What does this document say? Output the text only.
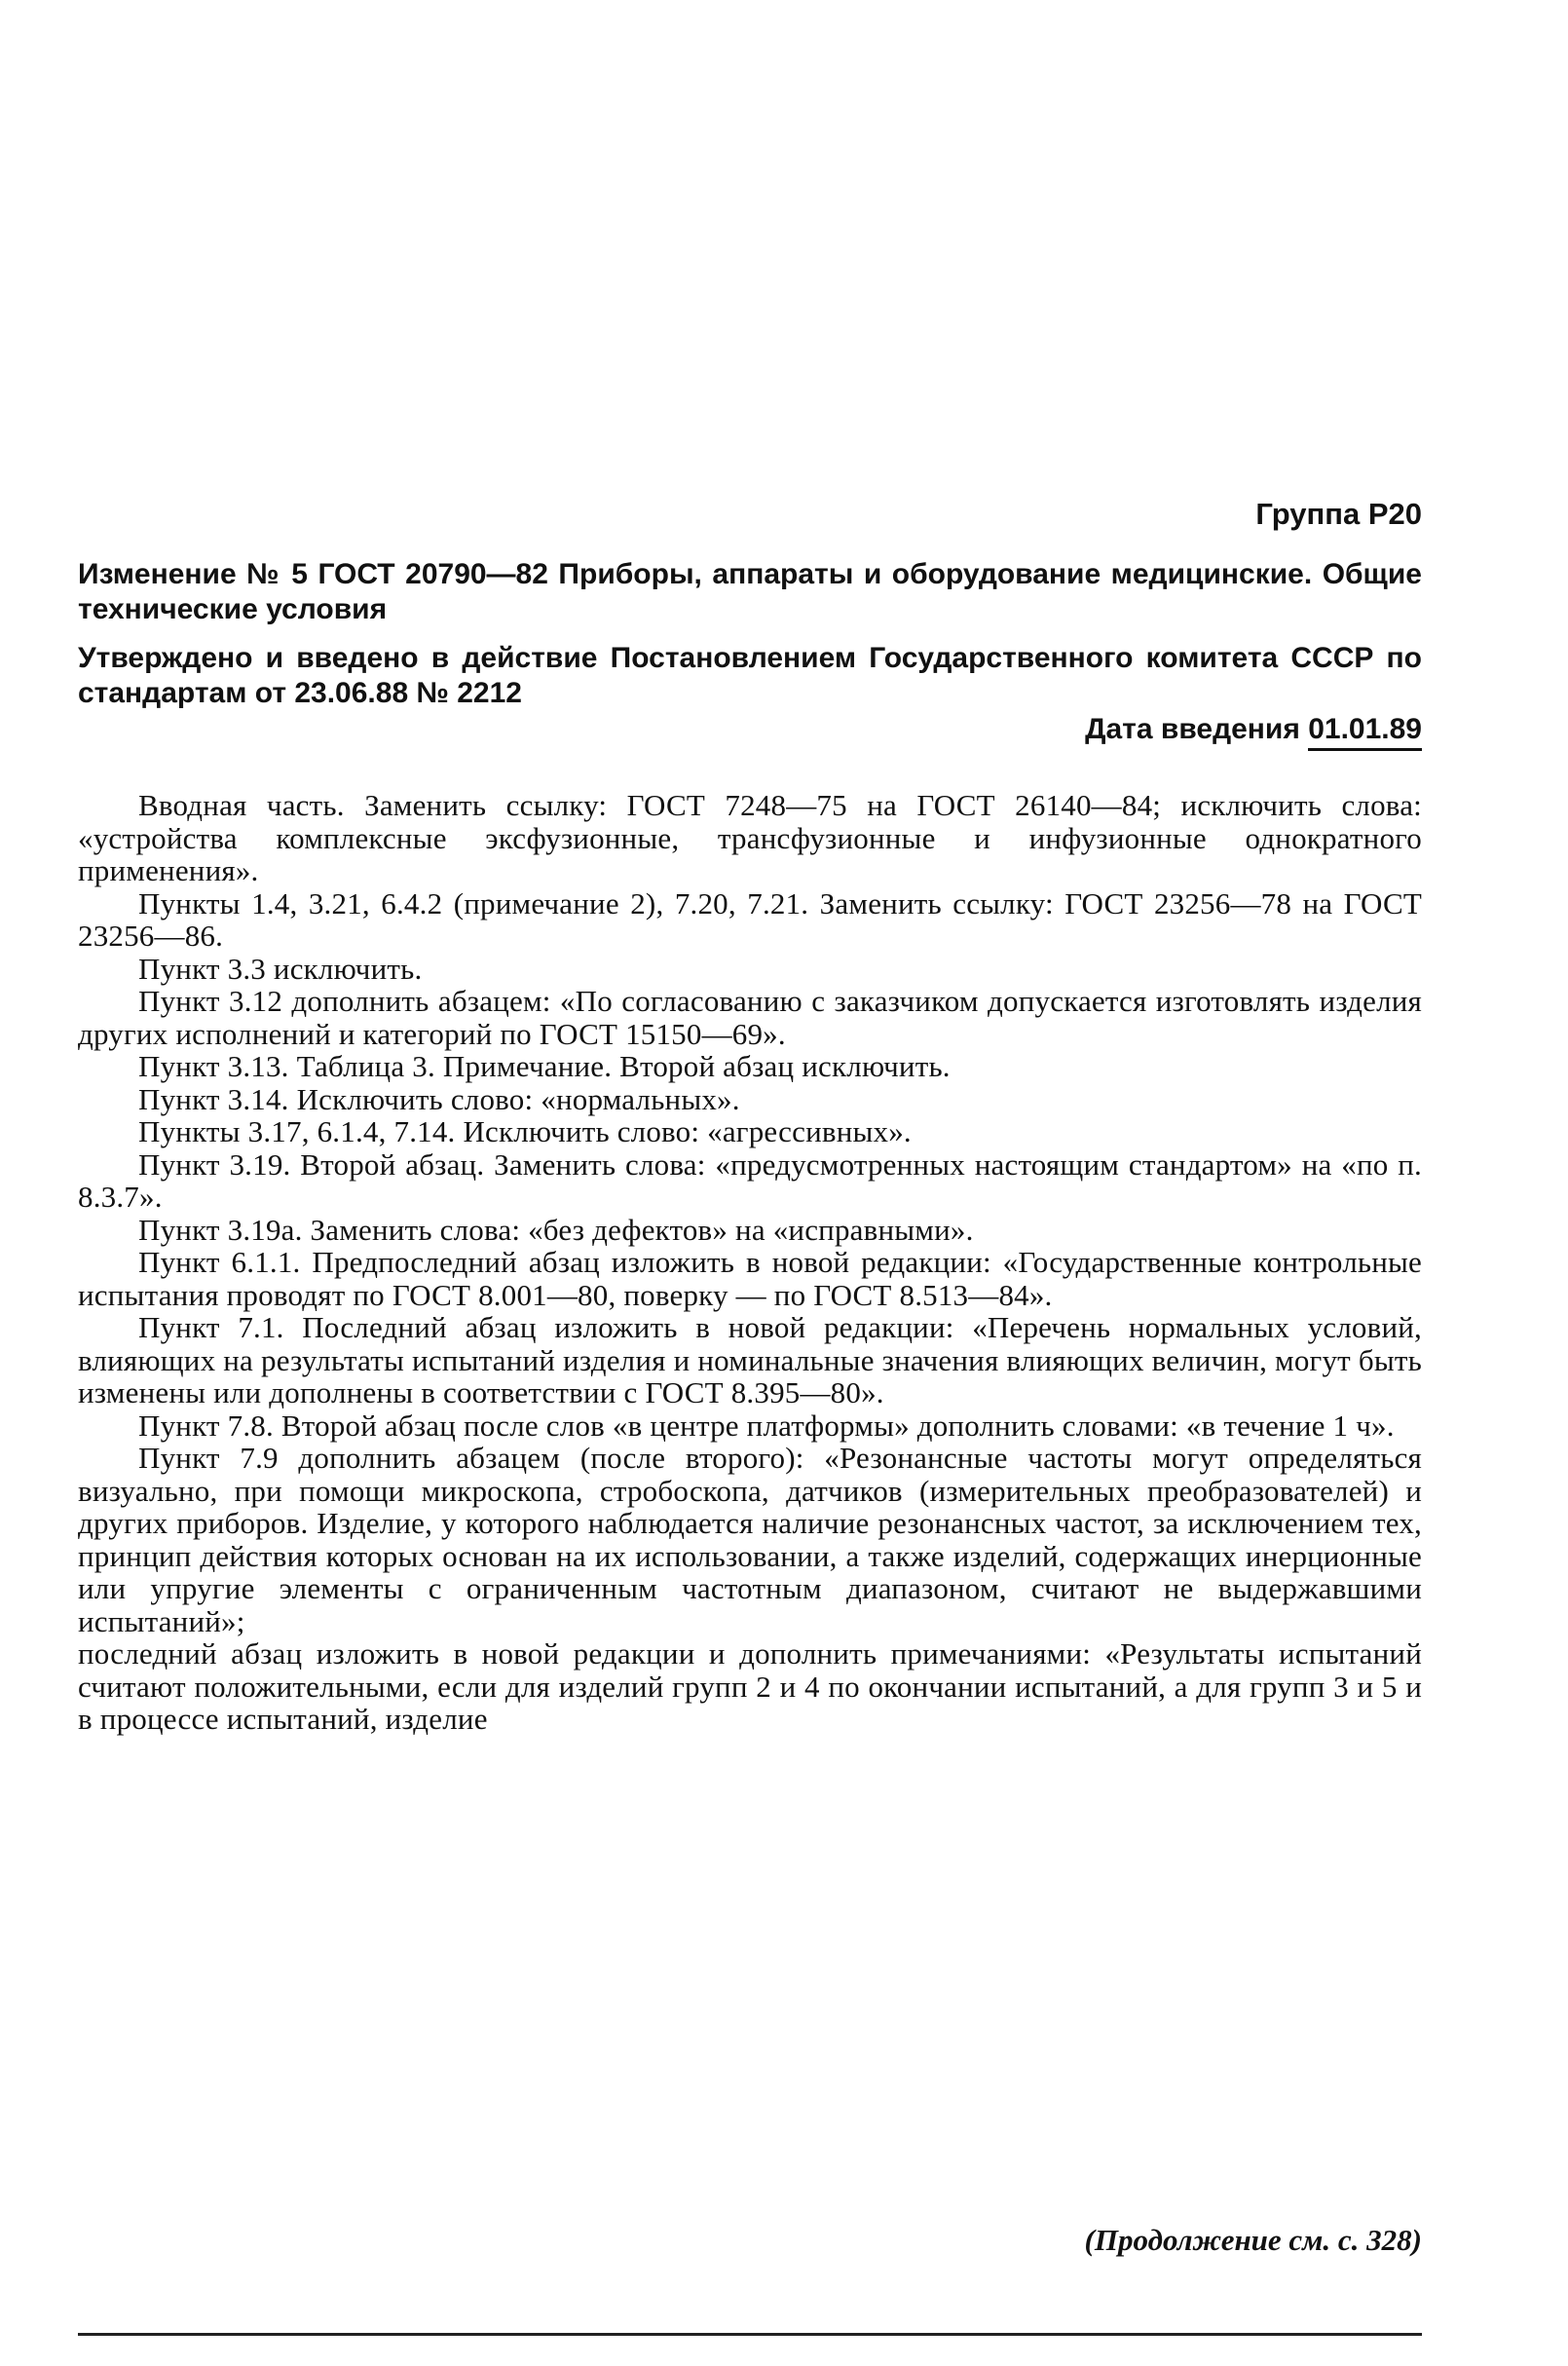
Группа Р20

Изменение № 5 ГОСТ 20790—82 Приборы, аппараты и оборудование медицинские. Общие технические условия

Утверждено и введено в действие Постановлением Государственного комитета СССР по стандартам от 23.06.88 № 2212

Дата введения 01.01.89

Вводная часть. Заменить ссылку: ГОСТ 7248—75 на ГОСТ 26140—84; исключить слова: «устройства комплексные эксфузионные, трансфузионные и инфузионные однократного применения».

Пункты 1.4, 3.21, 6.4.2 (примечание 2), 7.20, 7.21. Заменить ссылку: ГОСТ 23256—78 на ГОСТ 23256—86.

Пункт 3.3 исключить.

Пункт 3.12 дополнить абзацем: «По согласованию с заказчиком допускается изготовлять изделия других исполнений и категорий по ГОСТ 15150—69».

Пункт 3.13. Таблица 3. Примечание. Второй абзац исключить.

Пункт 3.14. Исключить слово: «нормальных».

Пункты 3.17, 6.1.4, 7.14. Исключить слово: «агрессивных».

Пункт 3.19. Второй абзац. Заменить слова: «предусмотренных настоящим стандартом» на «по п. 8.3.7».

Пункт 3.19а. Заменить слова: «без дефектов» на «исправными».

Пункт 6.1.1. Предпоследний абзац изложить в новой редакции: «Государственные контрольные испытания проводят по ГОСТ 8.001—80, поверку — по ГОСТ 8.513—84».

Пункт 7.1. Последний абзац изложить в новой редакции: «Перечень нормальных условий, влияющих на результаты испытаний изделия и номинальные значения влияющих величин, могут быть изменены или дополнены в соответствии с ГОСТ 8.395—80».

Пункт 7.8. Второй абзац после слов «в центре платформы» дополнить словами: «в течение 1 ч».

Пункт 7.9 дополнить абзацем (после второго): «Резонансные частоты могут определяться визуально, при помощи микроскопа, стробоскопа, датчиков (измерительных преобразователей) и других приборов. Изделие, у которого наблюдается наличие резонансных частот, за исключением тех, принцип действия которых основан на их использовании, а также изделий, содержащих инерционные или упругие элементы с ограниченным частотным диапазоном, считают не выдержавшими испытаний»;

последний абзац изложить в новой редакции и дополнить примечаниями: «Результаты испытаний считают положительными, если для изделий групп 2 и 4 по окончании испытаний, а для групп 3 и 5 и в процессе испытаний, изделие

(Продолжение см. с. 328)
